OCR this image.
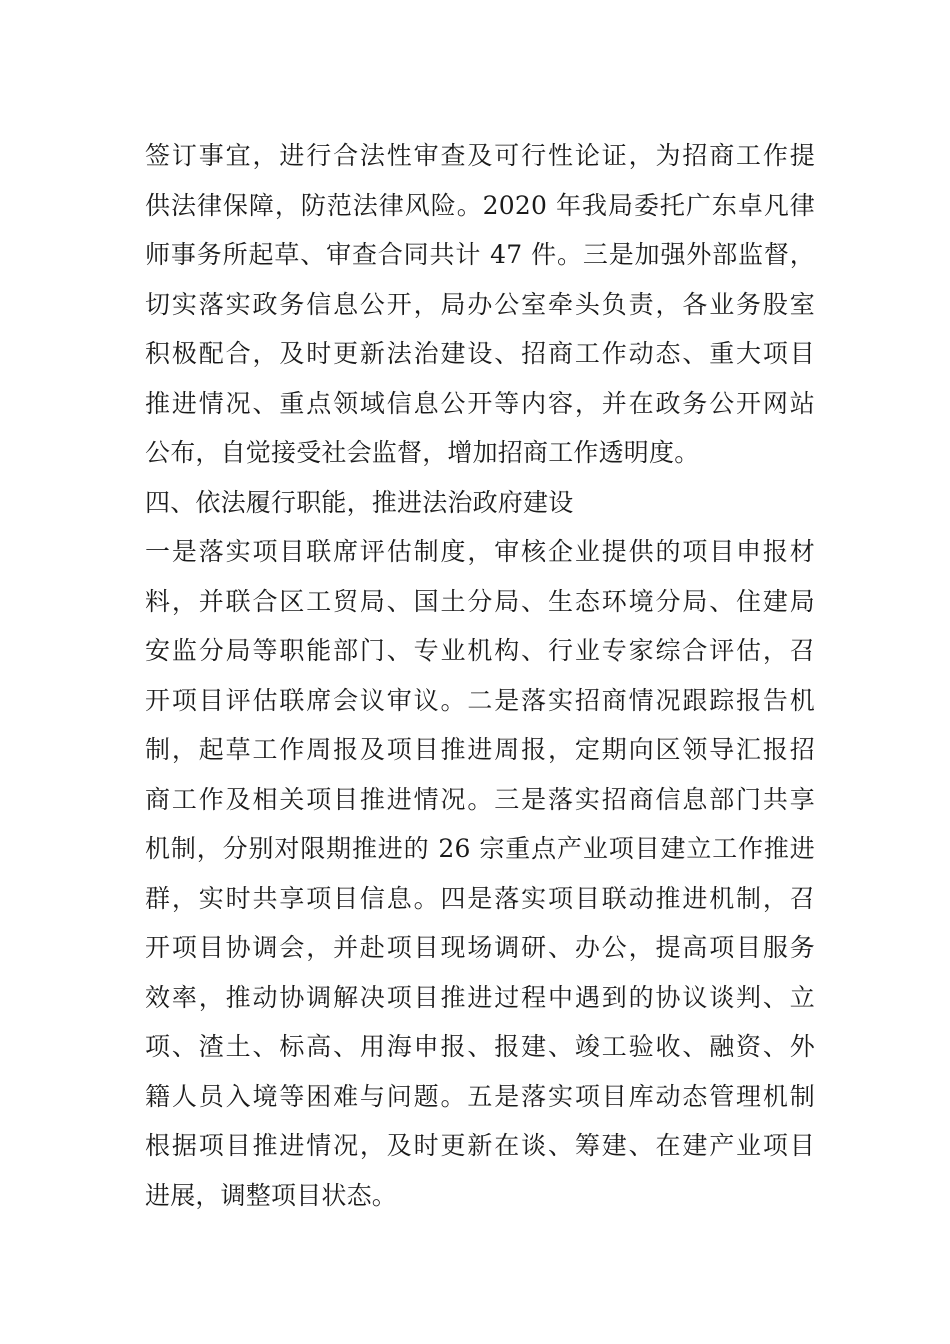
签订事宜，进行合法性审查及可行性论证，为招商工作提
供法律保障，防范法律风险。2020 年我局委托广东卓凡律
师事务所起草、审查合同共计 47 件。三是加强外部监督，
切实落实政务信息公开，局办公室牵头负责，各业务股室
积极配合，及时更新法治建设、招商工作动态、重大项目
推进情况、重点领域信息公开等内容，并在政务公开网站
公布，自觉接受社会监督，增加招商工作透明度。
四、依法履行职能，推进法治政府建设
一是落实项目联席评估制度，审核企业提供的项目申报材
料，并联合区工贸局、国土分局、生态环境分局、住建局
安监分局等职能部门、专业机构、行业专家综合评估，召
开项目评估联席会议审议。二是落实招商情况跟踪报告机
制，起草工作周报及项目推进周报，定期向区领导汇报招
商工作及相关项目推进情况。三是落实招商信息部门共享
机制，分别对限期推进的 26 宗重点产业项目建立工作推进
群，实时共享项目信息。四是落实项目联动推进机制，召
开项目协调会，并赴项目现场调研、办公，提高项目服务
效率，推动协调解决项目推进过程中遇到的协议谈判、立
项、渣土、标高、用海申报、报建、竣工验收、融资、外
籍人员入境等困难与问题。五是落实项目库动态管理机制
根据项目推进情况，及时更新在谈、筹建、在建产业项目
进展，调整项目状态。
